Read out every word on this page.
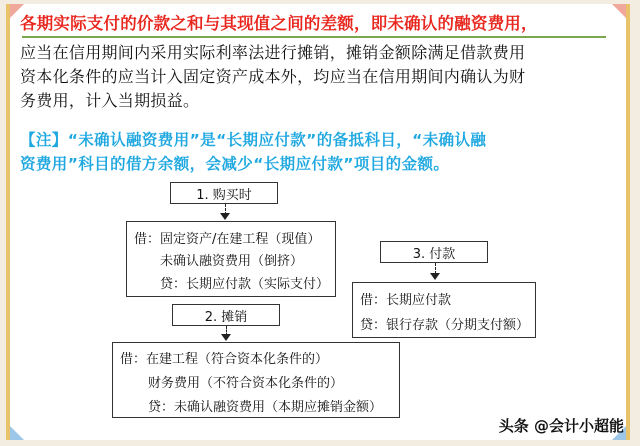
各期实际支付的价款之和与其现值之间的差额，即未确认的融资费用，
应当在信用期间内采用实际利率法进行摊销，摊销金额除满足借款费用
资本化条件的应当计入固定资产成本外，均应当在信用期间内确认为财
务费用，计入当期损益。
【注】“未确认融资费用”是“长期应付款”的备抵科目，“未确认融
资费用”科目的借方余额，会减少“长期应付款”项目的金额。
1. 购买时
借：固定资产/在建工程（现值）
未确认融资费用（倒挤）
贷：长期应付款（实际支付）
3. 付款
借：长期应付款
贷：银行存款（分期支付额）
2. 摊销
借：在建工程（符合资本化条件的）
财务费用（不符合资本化条件的）
贷：未确认融资费用（本期应摊销金额）
头条 @会计小超能
